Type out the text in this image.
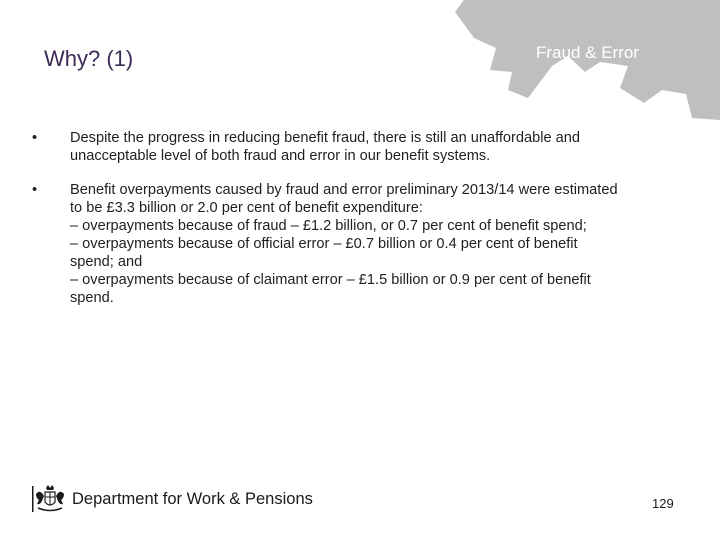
Why? (1)	Fraud & Error
• Despite the progress in reducing benefit fraud, there is still an unaffordable and
unacceptable level of both fraud and error in our benefit systems.
• Benefit overpayments caused by fraud and error preliminary 2013/14 were estimated
to be £3.3 billion or 2.0 per cent of benefit expenditure:
– overpayments because of fraud – £1.2 billion, or 0.7 per cent of benefit spend;
– overpayments because of official error – £0.7 billion or 0.4 per cent of benefit
spend; and
– overpayments because of claimant error – £1.5 billion or 0.9 per cent of benefit
spend.
Department for Work & Pensions	129
